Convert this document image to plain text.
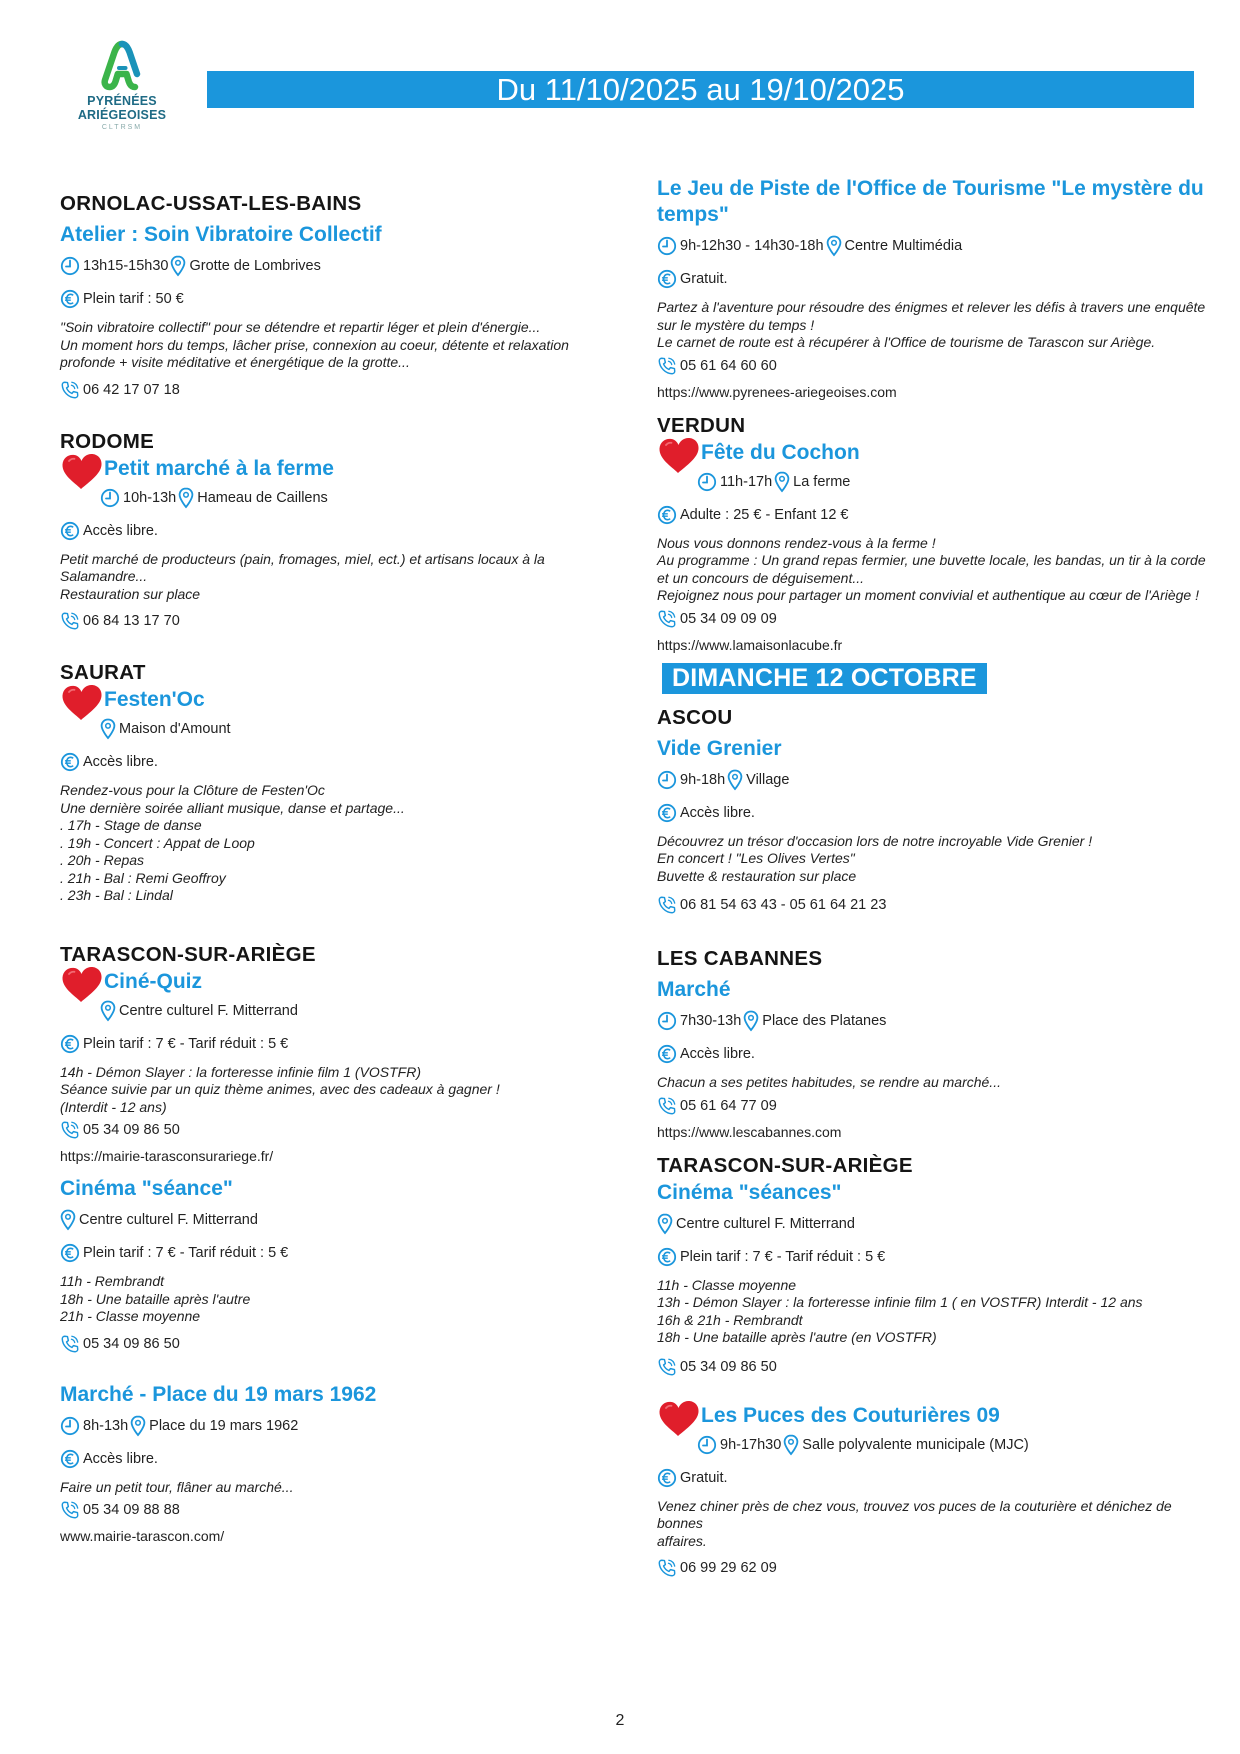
PYRÉNÉES
ARIÉGEOISES
CLTRSM
Du 11/10/2025 au 19/10/2025
ORNOLAC-USSAT-LES-BAINS
Atelier : Soin Vibratoire Collectif
13h15-15h30 Grotte de Lombrives
Plein tarif : 50 €
"Soin vibratoire collectif" pour se détendre et repartir léger et plein d'énergie...
Un moment hors du temps, lâcher prise, connexion au coeur, détente et relaxation
profonde + visite méditative et énergétique de la grotte...
06 42 17 07 18
RODOME
Petit marché à la ferme
10h-13h Hameau de Caillens
Accès libre.
Petit marché de producteurs (pain, fromages, miel, ect.) et artisans locaux à la
Salamandre...
Restauration sur place
06 84 13 17 70
SAURAT
Festen'Oc
Maison d'Amount
Accès libre.
Rendez-vous pour la Clôture de Festen'Oc
Une dernière soirée alliant musique, danse et partage...
. 17h - Stage de danse
. 19h - Concert : Appat de Loop
. 20h - Repas
. 21h - Bal : Remi Geoffroy
. 23h - Bal : Lindal
TARASCON-SUR-ARIÈGE
Ciné-Quiz
Centre culturel F. Mitterrand
Plein tarif : 7 € - Tarif réduit : 5 €
14h - Démon Slayer : la forteresse infinie film 1 (VOSTFR)
Séance suivie par un quiz thème animes, avec des cadeaux à gagner !
(Interdit - 12 ans)
05 34 09 86 50
https://mairie-tarasconsurariege.fr/
Cinéma "séance"
Centre culturel F. Mitterrand
Plein tarif : 7 € - Tarif réduit : 5 €
11h - Rembrandt
18h - Une bataille après l'autre
21h - Classe moyenne
05 34 09 86 50
Marché - Place du 19 mars 1962
8h-13h Place du 19 mars 1962
Accès libre.
Faire un petit tour, flâner au marché...
05 34 09 88 88
www.mairie-tarascon.com/
Le Jeu de Piste de l'Office de Tourisme "Le mystère du
temps"
9h-12h30 - 14h30-18h Centre Multimédia
Gratuit.
Partez à l'aventure pour résoudre des énigmes et relever les défis à travers une enquête
sur le mystère du temps !
Le carnet de route est à récupérer à l'Office de tourisme de Tarascon sur Ariège.
05 61 64 60 60
https://www.pyrenees-ariegeoises.com
VERDUN
Fête du Cochon
11h-17h La ferme
Adulte : 25 € - Enfant 12 €
Nous vous donnons rendez-vous à la ferme !
Au programme : Un grand repas fermier, une buvette locale, les bandas, un tir à la corde
et un concours de déguisement...
Rejoignez nous pour partager un moment convivial et authentique au cœur de l'Ariège !
05 34 09 09 09
https://www.lamaisonlacube.fr
DIMANCHE 12 OCTOBRE
ASCOU
Vide Grenier
9h-18h Village
Accès libre.
Découvrez un trésor d'occasion lors de notre incroyable Vide Grenier !
En concert ! "Les Olives Vertes"
Buvette & restauration sur place
06 81 54 63 43 - 05 61 64 21 23
LES CABANNES
Marché
7h30-13h Place des Platanes
Accès libre.
Chacun a ses petites habitudes, se rendre au marché...
05 61 64 77 09
https://www.lescabannes.com
TARASCON-SUR-ARIÈGE
Cinéma "séances"
Centre culturel F. Mitterrand
Plein tarif : 7 € - Tarif réduit : 5 €
11h - Classe moyenne
13h - Démon Slayer : la forteresse infinie film 1 ( en VOSTFR) Interdit - 12 ans
16h & 21h - Rembrandt
18h - Une bataille après l'autre (en VOSTFR)
05 34 09 86 50
Les Puces des Couturières 09
9h-17h30 Salle polyvalente municipale (MJC)
Gratuit.
Venez chiner près de chez vous, trouvez vos puces de la couturière et dénichez de bonnes
affaires.
06 99 29 62 09
2
